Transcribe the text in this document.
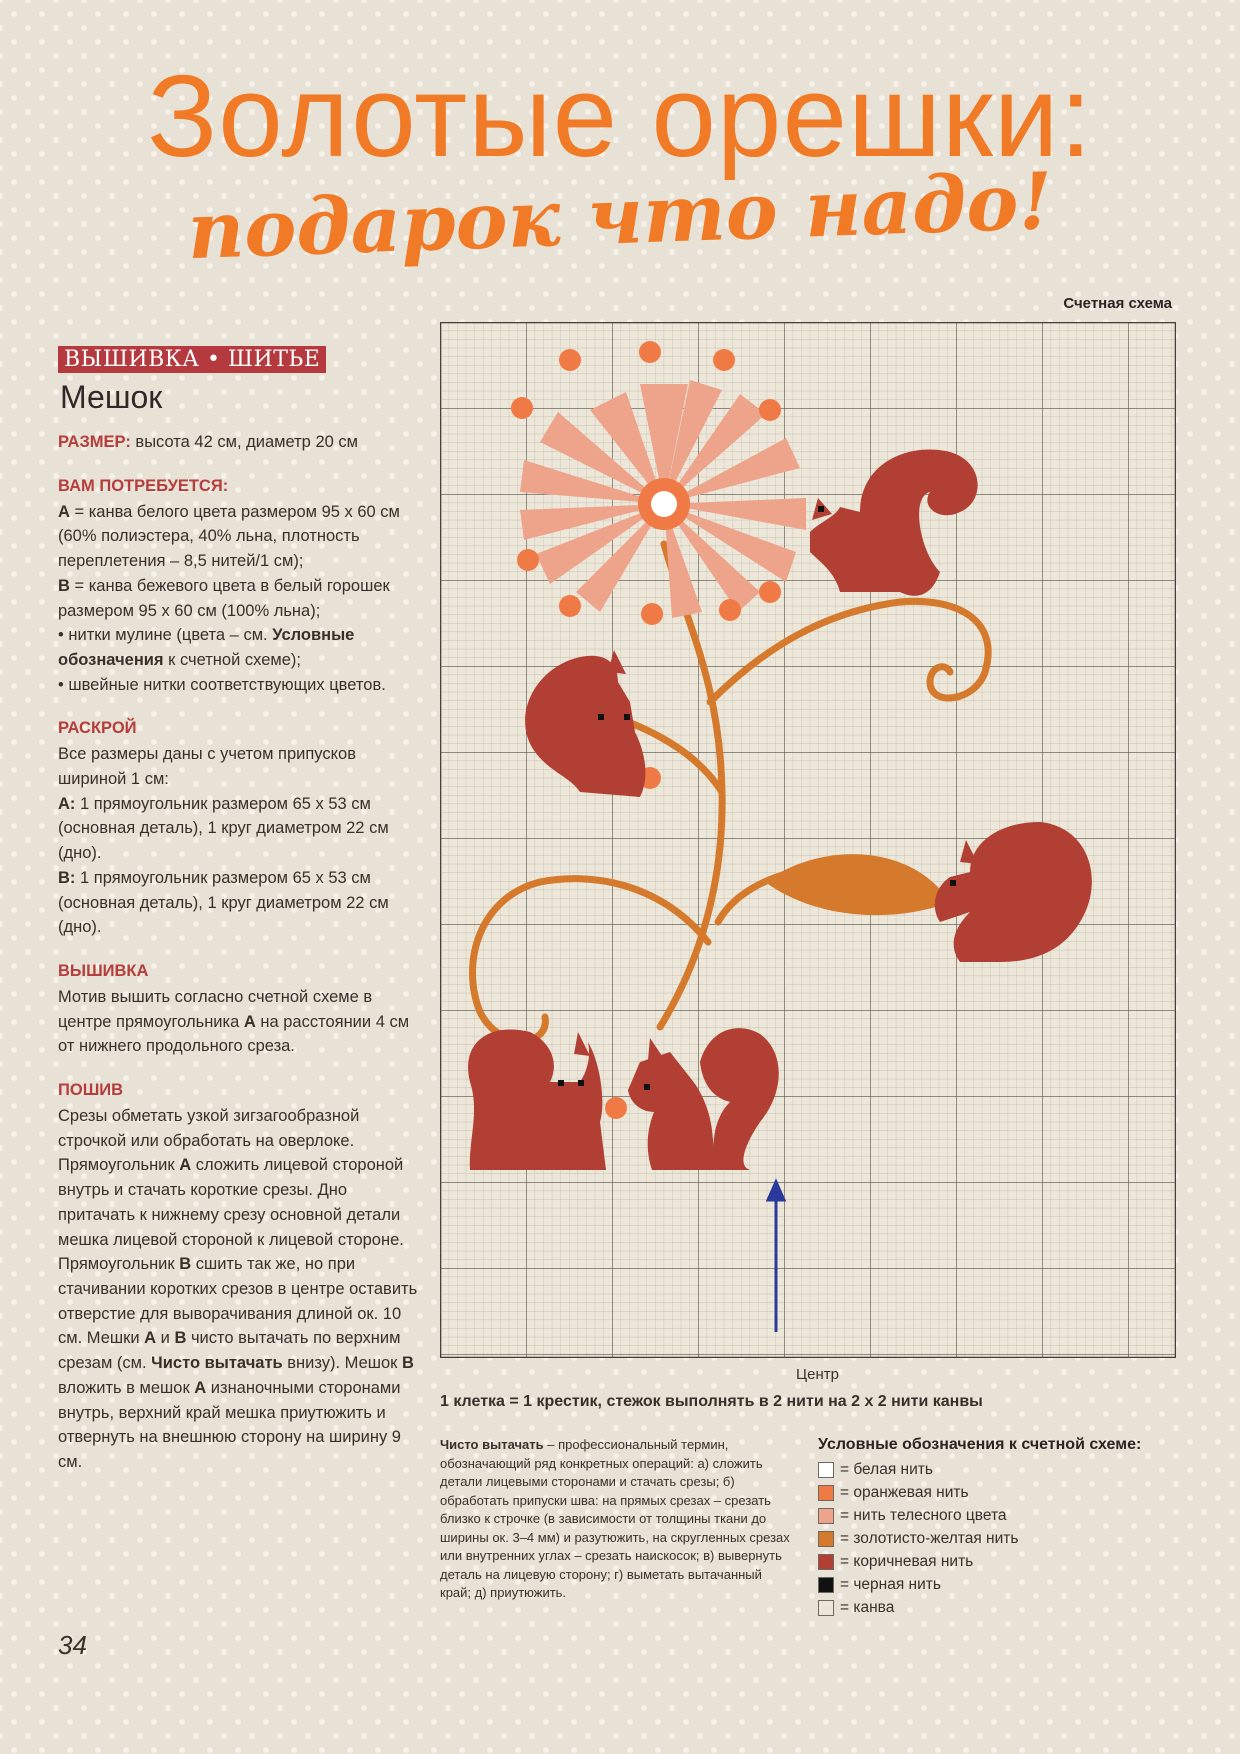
Золотые орешки:
подарок что надо!
ВЫШИВКА • ШИТЬЕ
Мешок

РАЗМЕР: высота 42 см, диаметр 20 см

ВАМ ПОТРЕБУЕТСЯ:

А = канва белого цвета размером 95 х 60 см (60% полиэстера, 40% льна, плотность переплетения – 8,5 нитей/1 см);

В = канва бежевого цвета в белый горошек размером 95 х 60 см (100% льна);

• нитки мулине (цвета – см. Условные обозначения к счетной схеме);

• швейные нитки соответствующих цветов.

РАСКРОЙ

Все размеры даны с учетом припусков шириной 1 см:

А: 1 прямоугольник размером 65 х 53 см (основная деталь), 1 круг диаметром 22 см (дно).

В: 1 прямоугольник размером 65 х 53 см (основная деталь), 1 круг диаметром 22 см (дно).

ВЫШИВКА

Мотив вышить согласно счетной схеме в центре прямоугольника А на расстоянии 4 см от нижнего продольного среза.

ПОШИВ

Срезы обметать узкой зигзагообразной строчкой или обработать на оверлоке. Прямоугольник А сложить лицевой стороной внутрь и стачать короткие срезы. Дно притачать к нижнему срезу основной детали мешка лицевой стороной к лицевой стороне. Прямоугольник В сшить так же, но при стачивании коротких срезов в центре оставить отверстие для выворачивания длиной ок. 10 см. Мешки А и В чисто вытачать по верхним срезам (см. Чисто вытачать внизу). Мешок В вложить в мешок А изнаночными сторонами внутрь, верхний край мешка приутюжить и отвернуть на внешнюю сторону на ширину 9 см.

34
Счетная схема
Центр
1 клетка = 1 крестик, стежок выполнять в 2 нити на 2 х 2 нити канвы
Чисто вытачать – профессиональный термин, обозначающий ряд конкретных операций: а) сложить детали лицевыми сторонами и стачать срезы; б) обработать припуски шва: на прямых срезах – срезать близко к строчке (в зависимости от толщины ткани до ширины ок. 3–4 мм) и разутюжить, на скругленных срезах или внутренних углах – срезать наискосок; в) вывернуть деталь на лицевую сторону; г) выметать вытачанный край; д) приутюжить.
Условные обозначения к счетной схеме:
= белая нить
= оранжевая нить
= нить телесного цвета
= золотисто-желтая нить
= коричневая нить
= черная нить
= канва
